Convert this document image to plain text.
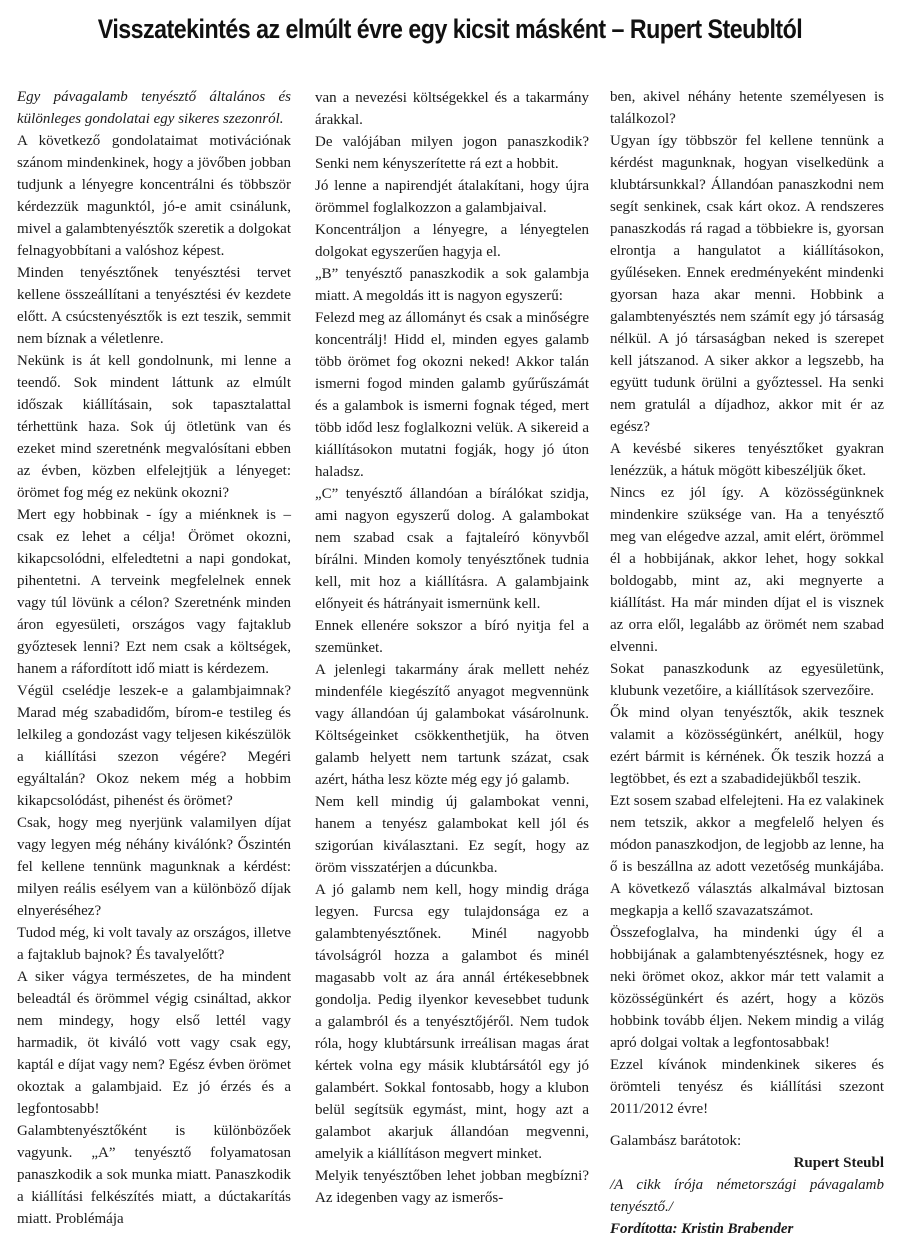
Visszatekintés az elmúlt évre egy kicsit másként – Rupert Steubltól

Egy pávagalamb tenyésztő általános és különleges gondolatai egy sikeres szezonról.

A következő gondolataimat motivációnak szánom mindenkinek, hogy a jövőben jobban tudjunk a lényegre koncentrálni és többször kérdezzük magunktól, jó-e amit csinálunk, mivel a galambtenyésztők szeretik a dolgokat felnagyobbítani a valóshoz képest.

Minden tenyésztőnek tenyésztési tervet kellene összeállítani a tenyésztési év kezdete előtt. A csúcstenyésztők is ezt teszik, semmit nem bíznak a véletlenre.

Nekünk is át kell gondolnunk, mi lenne a teendő. Sok mindent láttunk az elmúlt időszak kiállításain, sok tapasztalattal térhettünk haza. Sok új ötletünk van és ezeket mind szeretnénk megvalósítani ebben az évben, közben elfelejtjük a lényeget: örömet fog még ez nekünk okozni?

Mert egy hobbinak - így a miénknek is – csak ez lehet a célja! Örömet okozni, kikapcsolódni, elfeledtetni a napi gondokat, pihentetni. A terveink megfelelnek ennek vagy túl lövünk a célon? Szeretnénk minden áron egyesületi, országos vagy fajtaklub győztesek lenni? Ezt nem csak a költségek, hanem a ráfordított idő miatt is kérdezem.

Végül cselédje leszek-e a galambjaimnak? Marad még szabadidőm, bírom-e testileg és lelkileg a gondozást vagy teljesen kikészülök a kiállítási szezon végére? Megéri egyáltalán? Okoz nekem még a hobbim kikapcsolódást, pihenést és örömet?

Csak, hogy meg nyerjünk valamilyen díjat vagy legyen még néhány kiválónk? Őszintén fel kellene tennünk magunknak a kérdést: milyen reális esélyem van a különböző díjak elnyeréséhez?

Tudod még, ki volt tavaly az országos, illetve a fajtaklub bajnok? És tavalyelőtt?

A siker vágya természetes, de ha mindent beleadtál és örömmel végig csináltad, akkor nem mindegy, hogy első lettél vagy harmadik, öt kiváló vott vagy csak egy, kaptál e díjat vagy nem? Egész évben örömet okoztak a galambjaid. Ez jó érzés és a legfontosabb!

Galambtenyésztőként is különbözőek vagyunk. „A” tenyésztő folyamatosan panaszkodik a sok munka miatt. Panaszkodik a kiállítási felkészítés miatt, a dúctakarítás miatt. Problémája

van a nevezési költségekkel és a takarmány árakkal.

De valójában milyen jogon panaszkodik? Senki nem kényszerítette rá ezt a hobbit.

Jó lenne a napirendjét átalakítani, hogy újra örömmel foglalkozzon a galambjaival.

Koncentráljon a lényegre, a lényegtelen dolgokat egyszerűen hagyja el.

„B” tenyésztő panaszkodik a sok galambja miatt. A megoldás itt is nagyon egyszerű:

Felezd meg az állományt és csak a minőségre koncentrálj! Hidd el, minden egyes galamb több örömet fog okozni neked! Akkor talán ismerni fogod minden galamb gyűrűszámát és a galambok is ismerni fognak téged, mert több időd lesz foglalkozni velük. A sikereid a kiállításokon mutatni fogják, hogy jó úton haladsz.

„C” tenyésztő állandóan a bírálókat szidja, ami nagyon egyszerű dolog. A galambokat nem szabad csak a fajtaleíró könyvből bírálni. Minden komoly tenyésztőnek tudnia kell, mit hoz a kiállításra. A galambjaink előnyeit és hátrányait ismernünk kell.

Ennek ellenére sokszor a bíró nyitja fel a szemünket.

A jelenlegi takarmány árak mellett nehéz mindenféle kiegészítő anyagot megvennünk vagy állandóan új galambokat vásárolnunk. Költségeinket csökkenthetjük, ha ötven galamb helyett nem tartunk százat, csak azért, hátha lesz közte még egy jó galamb.

Nem kell mindig új galambokat venni, hanem a tenyész galambokat kell jól és szigorúan kiválasztani. Ez segít, hogy az öröm visszatérjen a dúcunkba.

A jó galamb nem kell, hogy mindig drága legyen. Furcsa egy tulajdonsága ez a galambtenyésztőnek. Minél nagyobb távolságról hozza a galambot és minél magasabb volt az ára annál értékesebbnek gondolja. Pedig ilyenkor kevesebbet tudunk a galambról és a tenyésztőjéről. Nem tudok róla, hogy klubtársunk irreálisan magas árat kértek volna egy másik klubtársától egy jó galambért. Sokkal fontosabb, hogy a klubon belül segítsük egymást, mint, hogy azt a galambot akarjuk állandóan megvenni, amelyik a kiállításon megvert minket.

Melyik tenyésztőben lehet jobban megbízni? Az idegenben vagy az ismerős-

ben, akivel néhány hetente személyesen is találkozol?

Ugyan így többször fel kellene tennünk a kérdést magunknak, hogyan viselkedünk a klubtársunkkal? Állandóan panaszkodni nem segít senkinek, csak kárt okoz. A rendszeres panaszkodás rá ragad a többiekre is, gyorsan elrontja a hangulatot a kiállításokon, gyűléseken. Ennek eredményeként mindenki gyorsan haza akar menni. Hobbink a galambtenyésztés nem számít egy jó társaság nélkül. A jó társaságban neked is szerepet kell játszanod. A siker akkor a legszebb, ha együtt tudunk örülni a győztessel. Ha senki nem gratulál a díjadhoz, akkor mit ér az egész?

A kevésbé sikeres tenyésztőket gyakran lenézzük, a hátuk mögött kibeszéljük őket.

Nincs ez jól így. A közösségünknek mindenkire szüksége van. Ha a tenyésztő meg van elégedve azzal, amit elért, örömmel él a hobbijának, akkor lehet, hogy sokkal boldogabb, mint az, aki megnyerte a kiállítást. Ha már minden díjat el is visznek az orra elől, legalább az örömét nem szabad elvenni.

Sokat panaszkodunk az egyesületünk, klubunk vezetőire, a kiállítások szervezőire.

Ők mind olyan tenyésztők, akik tesznek valamit a közösségünkért, anélkül, hogy ezért bármit is kérnének. Ők teszik hozzá a legtöbbet, és ezt a szabadidejükből teszik.

Ezt sosem szabad elfelejteni. Ha ez valakinek nem tetszik, akkor a megfelelő helyen és módon panaszkodjon, de legjobb az lenne, ha ő is beszállna az adott vezetőség munkájába. A következő választás alkalmával biztosan megkapja a kellő szavazatszámot.

Összefoglalva, ha mindenki úgy él a hobbijának a galambtenyésztésnek, hogy ez neki örömet okoz, akkor már tett valamit a közösségünkért és azért, hogy a közös hobbink tovább éljen. Nekem mindig a világ apró dolgai voltak a legfontosabbak!

Ezzel kívánok mindenkinek sikeres és örömteli tenyész és kiállítási szezont 2011/2012 évre!

Galambász barátotok:

Rupert Steubl

/A cikk írója németországi pávagalamb tenyésztő./

Fordította: Kristin Brabender
